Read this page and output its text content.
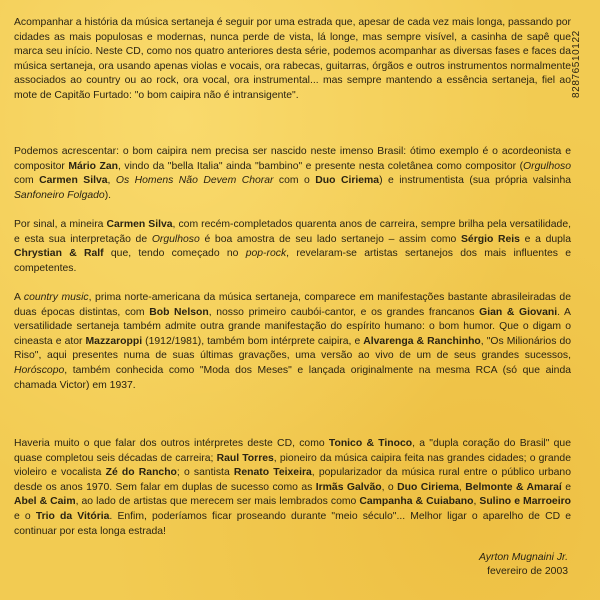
Acompanhar a história da música sertaneja é seguir por uma estrada que, apesar de cada vez mais longa, passando por cidades as mais populosas e modernas, nunca perde de vista, lá longe, mas sempre visível, a casinha de sapê que marca seu início. Neste CD, como nos quatro anteriores desta série, podemos acompanhar as diversas fases e faces da música sertaneja, ora usando apenas violas e vocais, ora rabecas, guitarras, órgãos e outros instrumentos normalmente associados ao country ou ao rock, ora vocal, ora instrumental... mas sempre mantendo a essência sertaneja, fiel ao mote de Capitão Furtado: "o bom caipira não é intransigente".

Podemos acrescentar: o bom caipira nem precisa ser nascido neste imenso Brasil: ótimo exemplo é o acordeonista e compositor Mário Zan, vindo da "bella Italia" ainda "bambino" e presente nesta coletânea como compositor (Orgulhoso com Carmen Silva, Os Homens Não Devem Chorar com o Duo Ciriema) e instrumentista (sua própria valsinha Sanfoneiro Folgado).

Por sinal, a mineira Carmen Silva, com recém-completados quarenta anos de carreira, sempre brilha pela versatilidade, e esta sua interpretação de Orgulhoso é boa amostra de seu lado sertanejo – assim como Sérgio Reis e a dupla Chrystian & Ralf que, tendo começado no pop-rock, revelaram-se artistas sertanejos dos mais influentes e competentes.

A country music, prima norte-americana da música sertaneja, comparece em manifestações bastante abrasileiradas de duas épocas distintas, com Bob Nelson, nosso primeiro caubói-cantor, e os grandes francanos Gian & Giovani. A versatilidade sertaneja também admite outra grande manifestação do espírito humano: o bom humor. Que o digam o cineasta e ator Mazzaroppi (1912/1981), também bom intérprete caipira, e Alvarenga & Ranchinho, "Os Milionários do Riso", aqui presentes numa de suas últimas gravações, uma versão ao vivo de um de seus grandes sucessos, Horóscopo, também conhecida como "Moda dos Meses" e lançada originalmente na mesma RCA (só que ainda chamada Victor) em 1937.

Haveria muito o que falar dos outros intérpretes deste CD, como Tonico & Tinoco, a "dupla coração do Brasil" que quase completou seis décadas de carreira; Raul Torres, pioneiro da música caipira feita nas grandes cidades; o grande violeiro e vocalista Zé do Rancho; o santista Renato Teixeira, popularizador da música rural entre o público urbano desde os anos 1970. Sem falar em duplas de sucesso como as Irmãs Galvão, o Duo Ciriema, Belmonte & Amaraí e Abel & Caim, ao lado de artistas que merecem ser mais lembrados como Campanha & Cuiabano, Sulino e Marroeiro e o Trio da Vitória. Enfim, poderíamos ficar proseando durante "meio século"... Melhor ligar o aparelho de CD e continuar por esta longa estrada!

Ayrton Mugnaini Jr.
fevereiro de 2003
82876510122
